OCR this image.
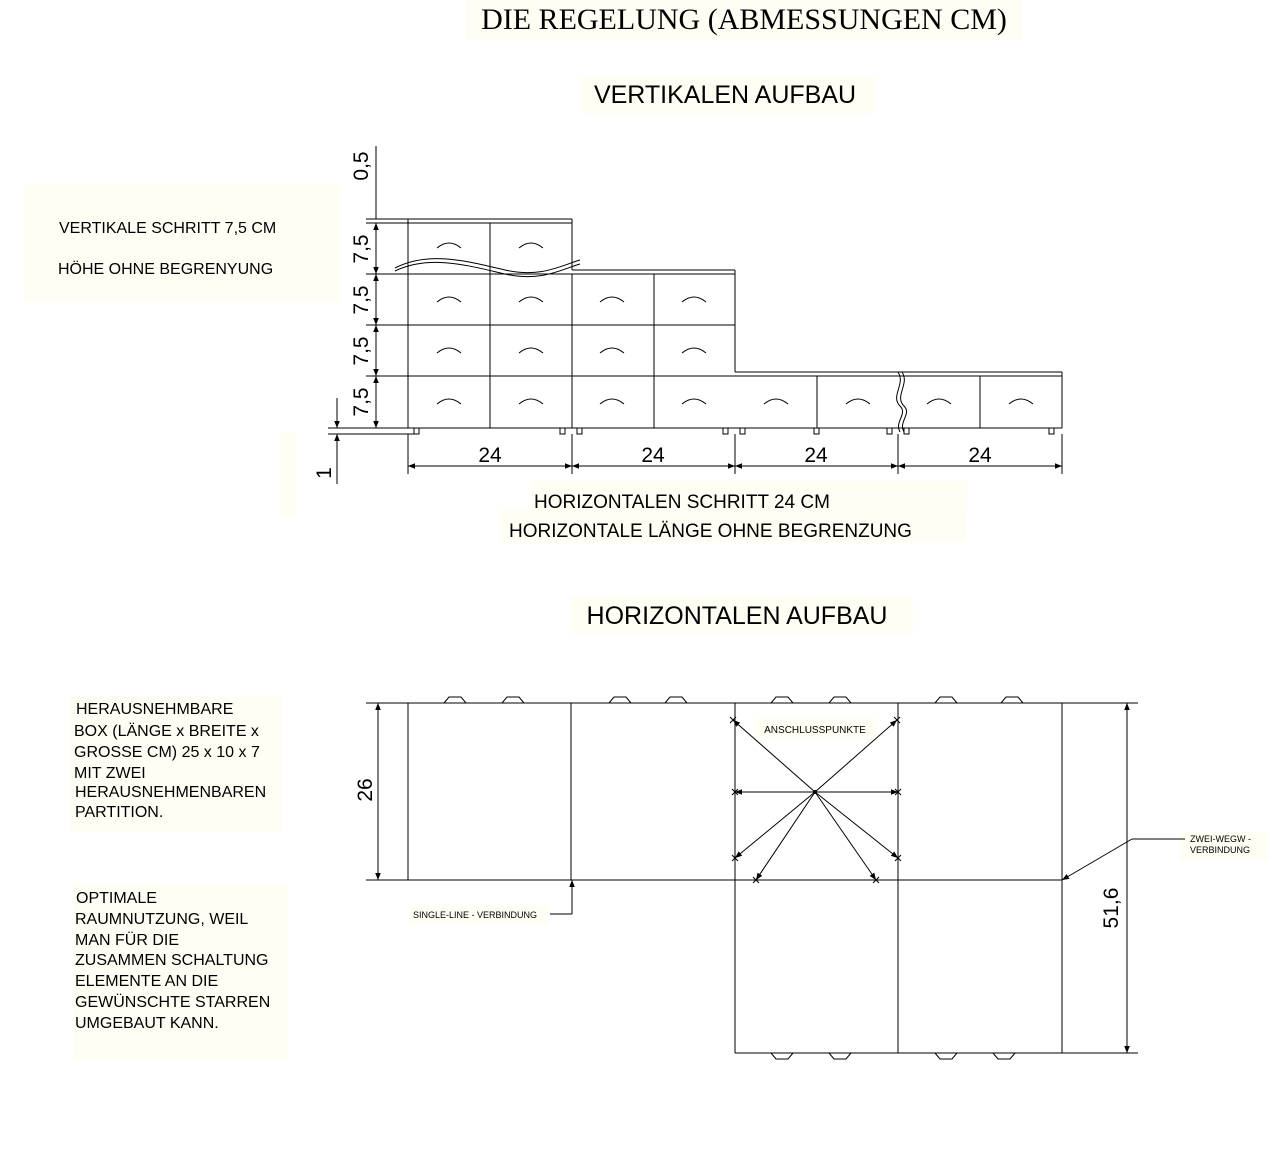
DIE REGELUNG (ABMESSUNGEN CM)
VERTIKALEN AUFBAU
VERTIKALE SCHRITT 7,5 CM
HÖHE OHNE BEGRENYUNG
0,5
7,5
7,5
7,5
7,5
1
24	24	24	24
HORIZONTALEN SCHRITT 24 CM
HORIZONTALE LÄNGE OHNE BEGRENZUNG
HORIZONTALEN AUFBAU
HERAUSNEHMBARE BOX (LÄNGE x BREITE x GROSSE CM) 25 x 10 x 7 MIT ZWEI HERAUSNEHMENBAREN PARTITION.
OPTIMALE RAUMNUTZUNG, WEIL MAN FÜR DIE ZUSAMMEN SCHALTUNG ELEMENTE AN DIE GEWÜNSCHTE STARREN UMGEBAUT KANN.
ANSCHLUSSPUNKTE
SINGLE-LINE - VERBINDUNG
ZWEI-WEGW - VERBINDUNG
26
51,6
